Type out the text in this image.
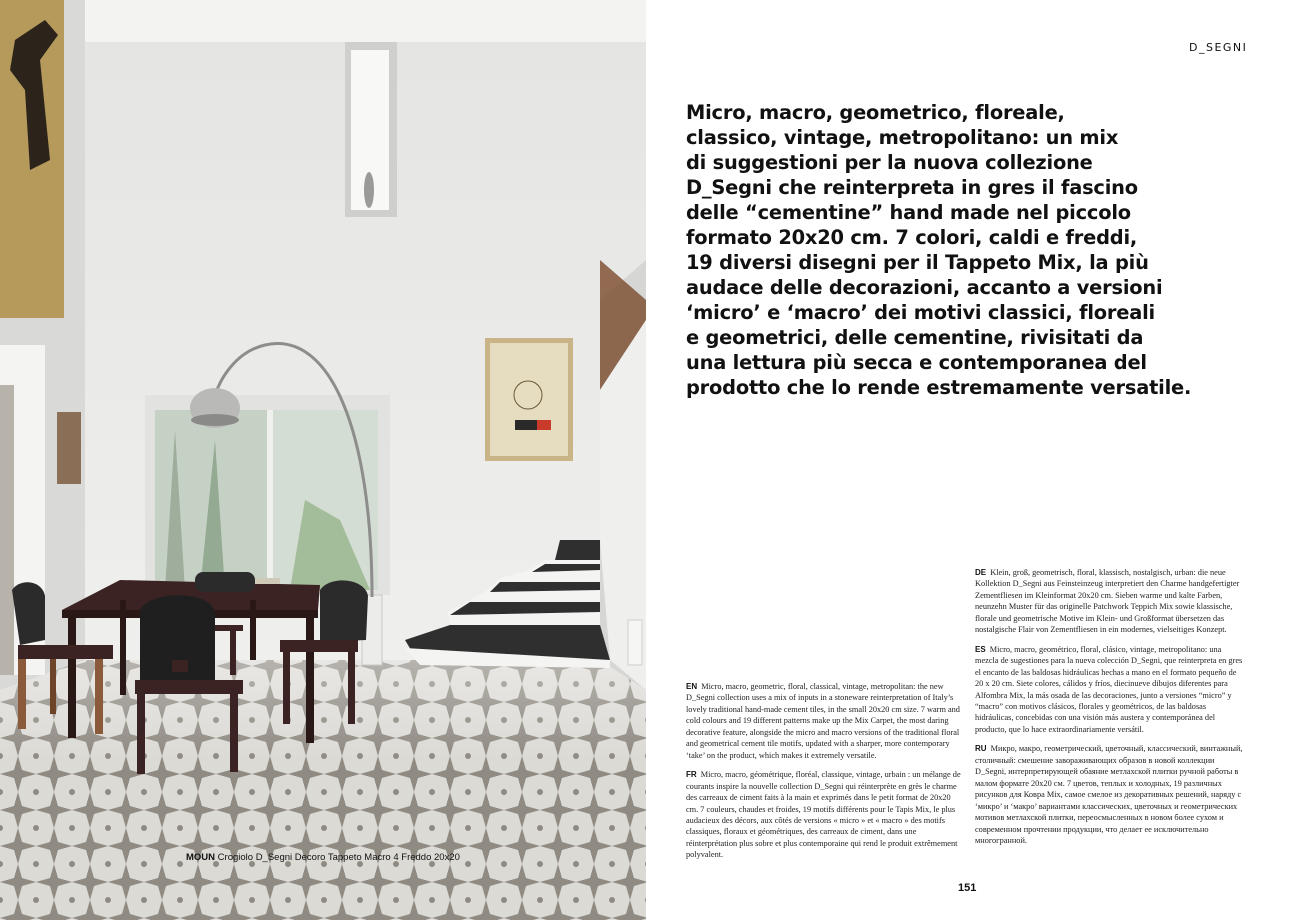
MOUN Crogiolo D_Segni Decoro Tappeto Macro 4 Freddo 20x20
D_SEGNI
Micro, macro, geometrico, floreale,
classico, vintage, metropolitano: un mix
di suggestioni per la nuova collezione
D_Segni che reinterpreta in gres il fascino
delle “cementine” hand made nel piccolo
formato 20x20 cm. 7 colori, caldi e freddi,
19 diversi disegni per il Tappeto Mix, la più
audace delle decorazioni, accanto a versioni
‘micro’ e ‘macro’ dei motivi classici, floreali
e geometrici, delle cementine, rivisitati da
una lettura più secca e contemporanea del
prodotto che lo rende estremamente versatile.

EN Micro, macro, geometric, floral, classical, vintage, metropolitan: the new D_Segni collection uses a mix of inputs in a stoneware reinterpretation of Italy’s lovely traditional hand-made cement tiles, in the small 20x20 cm size. 7 warm and cold colours and 19 different patterns make up the Mix Carpet, the most daring decorative feature, alongside the micro and macro versions of the traditional floral and geometrical cement tile motifs, updated with a sharper, more contemporary ‘take’ on the product, which makes it extremely versatile.

FR Micro, macro, géométrique, floréal, classique, vintage, urbain : un mélange de courants inspire la nouvelle collection D_Segni qui réinterprète en grès le charme des carreaux de ciment faits à la main et exprimés dans le petit format de 20x20 cm. 7 couleurs, chaudes et froides, 19 motifs différents pour le Tapis Mix, le plus audacieux des décors, aux côtés de versions « micro » et « macro » des motifs classiques, floraux et géométriques, des carreaux de ciment, dans une réinterprétation plus sobre et plus contemporaine qui rend le produit extrêmement polyvalent.

DE Klein, groß, geometrisch, floral, klassisch, nostalgisch, urban: die neue Kollektion D_Segni aus Feinsteinzeug interpretiert den Charme handgefertigter Zementfliesen im Kleinformat 20x20 cm. Sieben warme und kalte Farben, neunzehn Muster für das originelle Patchwork Teppich Mix sowie klassische, florale und geometrische Motive im Klein- und Großformat übersetzen das nostalgische Flair von Zementfliesen in ein modernes, vielseitiges Konzept.

ES Micro, macro, geométrico, floral, clásico, vintage, metropolitano: una mezcla de sugestiones para la nueva colección D_Segni, que reinterpreta en gres el encanto de las baldosas hidráulicas hechas a mano en el formato pequeño de 20 x 20 cm. Siete colores, cálidos y fríos, diecinueve dibujos diferentes para Alfombra Mix, la más osada de las decoraciones, junto a versiones “micro” y “macro” con motivos clásicos, florales y geométricos, de las baldosas hidráulicas, concebidas con una visión más austera y contemporánea del producto, que lo hace extraordinariamente versátil.

RU Микро, макро, геометрический, цветочный, классический, винтажный, столичный: смешение завораживающих образов в новой коллекции D_Segni, интерпретирующей обаяние метлахской плитки ручной работы в малом формате 20x20 см. 7 цветов, теплых и холодных, 19 различных рисунков для Ковра Mix, самое смелое из декоративных решений, наряду с ‘микро’ и ‘макро’ вариантами классических, цветочных и геометрических мотивов метлахской плитки, переосмысленных в новом более сухом и современном прочтении продукции, что делает ее исключительно многогранной.

151
